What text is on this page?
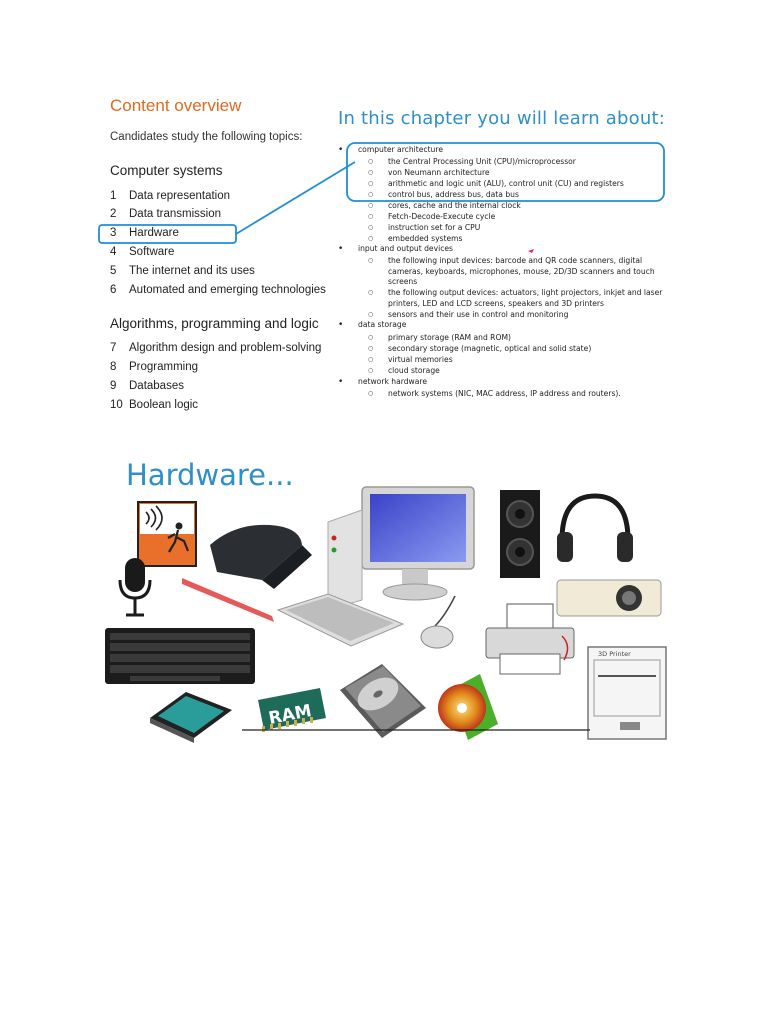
Content overview
Candidates study the following topics:
Computer systems
1 Data representation
2 Data transmission
3 Hardware
4 Software
5 The internet and its uses
6 Automated and emerging technologies
Algorithms, programming and logic
7 Algorithm design and problem-solving
8 Programming
9 Databases
10 Boolean logic
In this chapter you will learn about:
• computer architecture
○ the Central Processing Unit (CPU)/microprocessor
○ von Neumann architecture
○ arithmetic and logic unit (ALU), control unit (CU) and registers
○ control bus, address bus, data bus
○ cores, cache and the internal clock
○ Fetch-Decode-Execute cycle
○ instruction set for a CPU
○ embedded systems
• input and output devices
○ the following input devices: barcode and QR code scanners, digital cameras, keyboards, microphones, mouse, 2D/3D scanners and touch screens
○ the following output devices: actuators, light projectors, inkjet and laser printers, LED and LCD screens, speakers and 3D printers
○ sensors and their use in control and monitoring
• data storage
○ primary storage (RAM and ROM)
○ secondary storage (magnetic, optical and solid state)
○ virtual memories
○ cloud storage
• network hardware
○ network systems (NIC, MAC address, IP address and routers).
Hardware...
RAM
3D Printer
